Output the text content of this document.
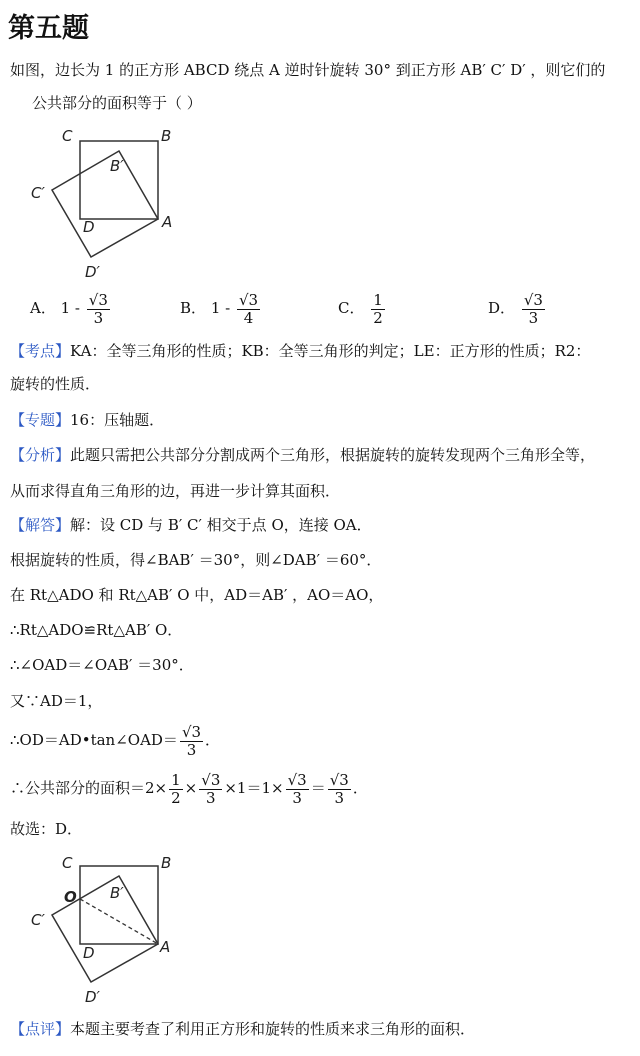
第五题
如图，边长为 1 的正方形 ABCD 绕点 A 逆时针旋转 30° 到正方形 AB′ C′ D′ ，则它们的
公共部分的面积等于（ ）
C	B
B′
C′
D	A
D′
A． $1 - \frac{√3}{3}$	B． $1 - \frac{√3}{4}$	C． $\frac{1}{2}$	D． $\frac{√3}{3}$
【考点】KA：全等三角形的性质；KB：全等三角形的判定；LE：正方形的性质；R2：
旋转的性质．
【专题】16：压轴题．
【分析】此题只需把公共部分分割成两个三角形，根据旋转的旋转发现两个三角形全等，
从而求得直角三角形的边，再进一步计算其面积．
【解答】解：设 CD 与 B′ C′ 相交于点 O，连接 OA．
根据旋转的性质，得∠BAB′ ＝30°，则∠DAB′ ＝60°．
在 Rt△ADO 和 Rt△AB′ O 中，AD＝AB′ ，AO＝AO，
∴Rt△ADO≌Rt△AB′ O．
∴∠OAD＝∠OAB′ ＝30°．
又∵AD＝1，
∴OD＝AD•tan∠OAD＝ $\frac{√3}{3}$ ．
∴公共部分的面积$=2\times \frac{1}{2} \times \frac{√3}{3} \times 1=1\times \frac{√3}{3} = \frac{√3}{3}$ ．
故选：D．
C	B
O B′
C′
D	A
D′
【点评】本题主要考查了利用正方形和旋转的性质来求三角形的面积．
